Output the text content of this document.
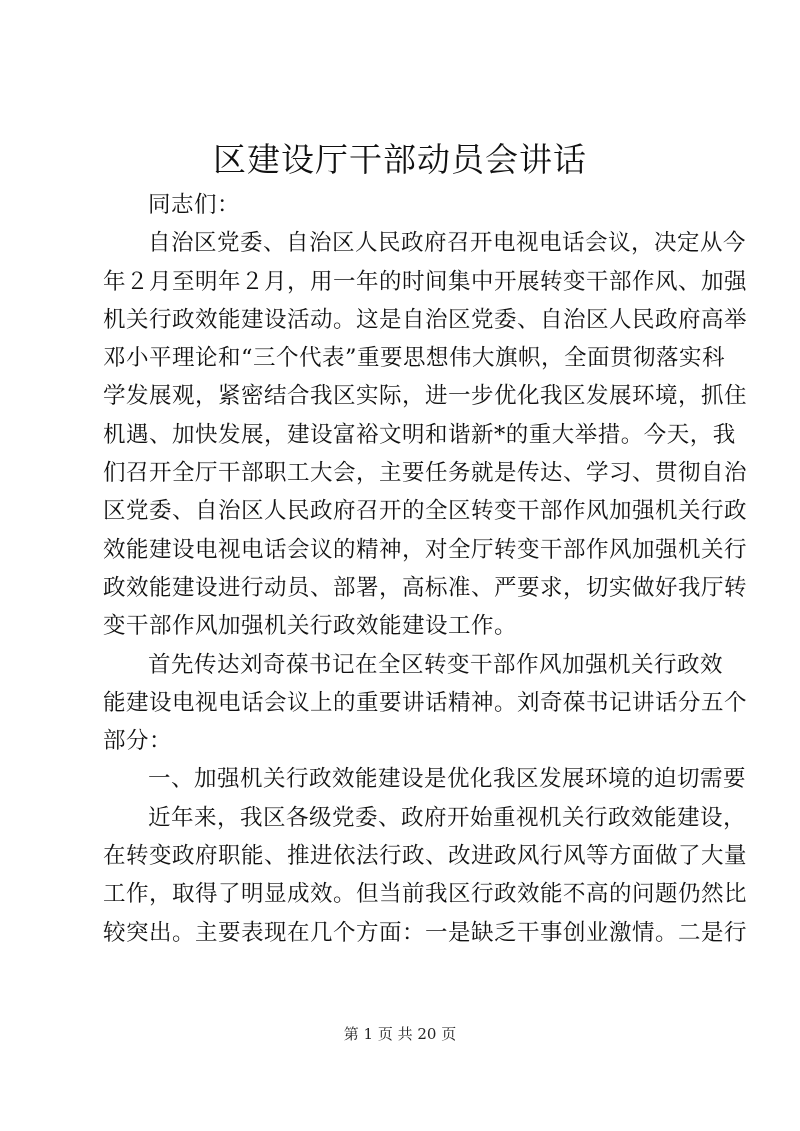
区建设厅干部动员会讲话
同志们：
自治区党委、自治区人民政府召开电视电话会议，决定从今
年２月至明年２月，用一年的时间集中开展转变干部作风、加强
机关行政效能建设活动。这是自治区党委、自治区人民政府高举
邓小平理论和“三个代表”重要思想伟大旗帜，全面贯彻落实科
学发展观，紧密结合我区实际，进一步优化我区发展环境，抓住
机遇、加快发展，建设富裕文明和谐新*的重大举措。今天，我
们召开全厅干部职工大会，主要任务就是传达、学习、贯彻自治
区党委、自治区人民政府召开的全区转变干部作风加强机关行政
效能建设电视电话会议的精神，对全厅转变干部作风加强机关行
政效能建设进行动员、部署，高标准、严要求，切实做好我厅转
变干部作风加强机关行政效能建设工作。
首先传达刘奇葆书记在全区转变干部作风加强机关行政效
能建设电视电话会议上的重要讲话精神。刘奇葆书记讲话分五个
部分：
一、加强机关行政效能建设是优化我区发展环境的迫切需要
近年来，我区各级党委、政府开始重视机关行政效能建设，
在转变政府职能、推进依法行政、改进政风行风等方面做了大量
工作，取得了明显成效。但当前我区行政效能不高的问题仍然比
较突出。主要表现在几个方面：一是缺乏干事创业激情。二是行
第 1 页 共 20 页
